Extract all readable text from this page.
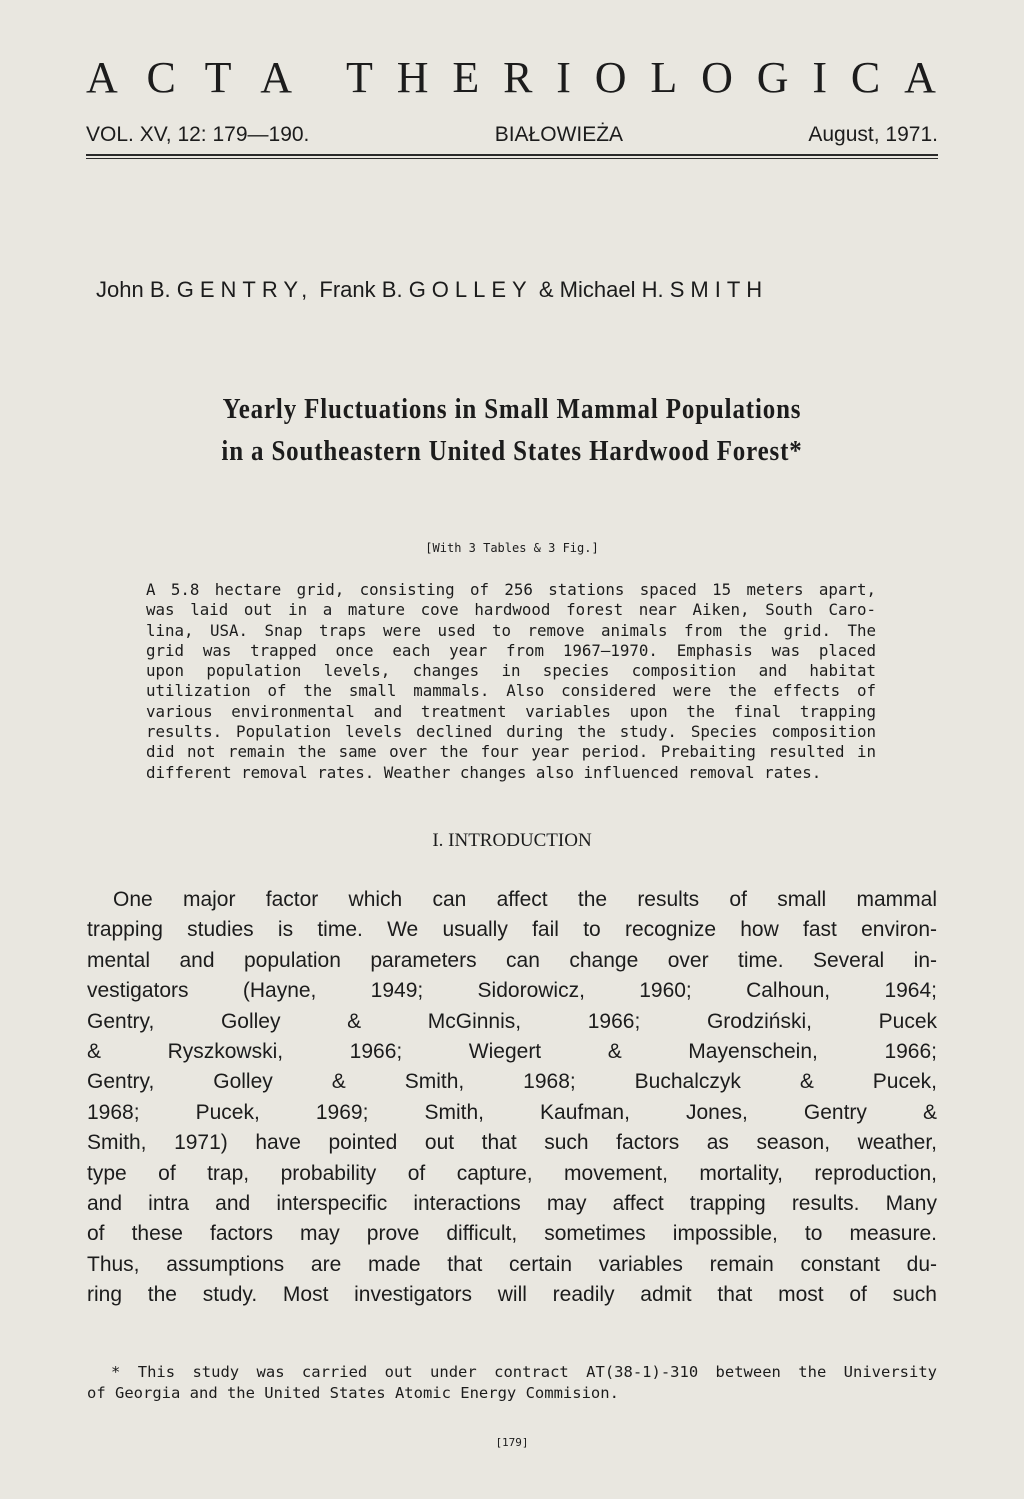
A C T A T H E R I O L O G I C A
VOL. XV, 12: 179—190.	BIAŁOWIEŻA	August, 1971.
John B. GENTRY, Frank B. GOLLEY & Michael H. SMITH
Yearly Fluctuations in Small Mammal Populations
in a Southeastern United States Hardwood Forest*
[With 3 Tables & 3 Fig.]
A 5.8 hectare grid, consisting of 256 stations spaced 15 meters apart,
was laid out in a mature cove hardwood forest near Aiken, South Caro-
lina, USA. Snap traps were used to remove animals from the grid. The
grid was trapped once each year from 1967—1970. Emphasis was placed
upon population levels, changes in species composition and habitat
utilization of the small mammals. Also considered were the effects of
various environmental and treatment variables upon the final trapping
results. Population levels declined during the study. Species composition
did not remain the same over the four year period. Prebaiting resulted in
different removal rates. Weather changes also influenced removal rates.
I. INTRODUCTION
One major factor which can affect the results of small mammal
trapping studies is time. We usually fail to recognize how fast environ-
mental and population parameters can change over time. Several in-
vestigators (Hayne, 1949; Sidorowicz, 1960; Calhoun, 1964;
Gentry, Golley & McGinnis, 1966; Grodziński, Pucek
& Ryszkowski, 1966; Wiegert & Mayenschein, 1966;
Gentry, Golley & Smith, 1968; Buchalczyk & Pucek,
1968; Pucek, 1969; Smith, Kaufman, Jones, Gentry &
Smith, 1971) have pointed out that such factors as season, weather,
type of trap, probability of capture, movement, mortality, reproduction,
and intra and interspecific interactions may affect trapping results. Many
of these factors may prove difficult, sometimes impossible, to measure.
Thus, assumptions are made that certain variables remain constant du-
ring the study. Most investigators will readily admit that most of such
* This study was carried out under contract AT(38-1)-310 between the University
of Georgia and the United States Atomic Energy Commision.
[179]
